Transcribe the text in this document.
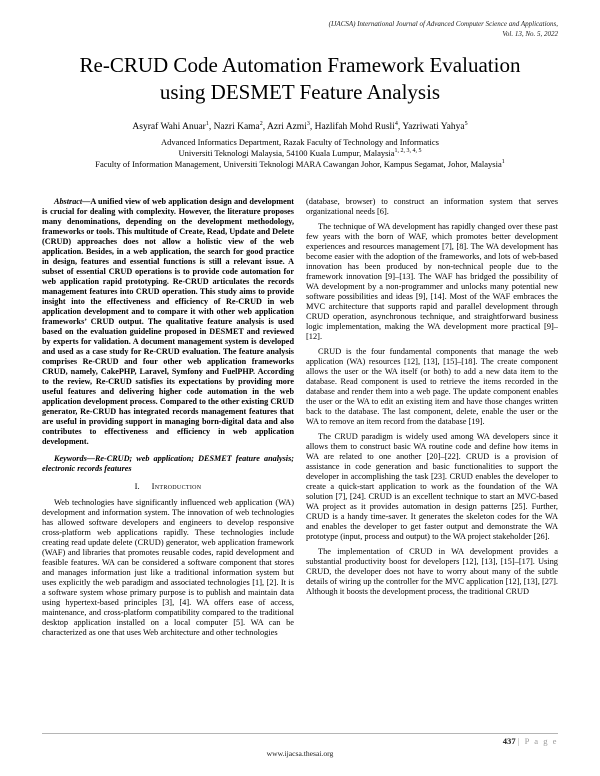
(IJACSA) International Journal of Advanced Computer Science and Applications,
Vol. 13, No. 5, 2022
Re-CRUD Code Automation Framework Evaluation using DESMET Feature Analysis
Asyraf Wahi Anuar$^1$, Nazri Kama$^2$, Azri Azmi$^3$, Hazlifah Mohd Rusli$^4$, Yazriwati Yahya$^5$
Advanced Informatics Department, Razak Faculty of Technology and Informatics
Universiti Teknologi Malaysia, 54100 Kuala Lumpur, Malaysia$^{1, 2, 3, 4, 5}$
Faculty of Information Management, Universiti Teknologi MARA Cawangan Johor, Kampus Segamat, Johor, Malaysia$^1$

Abstract—A unified view of web application design and development is crucial for dealing with complexity. However, the literature proposes many denominations, depending on the development methodology, frameworks or tools. This multitude of Create, Read, Update and Delete (CRUD) approaches does not allow a holistic view of the web application. Besides, in a web application, the search for good practice in design, features and essential functions is still a relevant issue. A subset of essential CRUD operations is to provide code automation for web application rapid prototyping. Re-CRUD articulates the records management features into CRUD operation. This study aims to provide insight into the effectiveness and efficiency of Re-CRUD in web application development and to compare it with other web application frameworks’ CRUD output. The qualitative feature analysis is used based on the evaluation guideline proposed in DESMET and reviewed by experts for validation. A document management system is developed and used as a case study for Re-CRUD evaluation. The feature analysis comprises Re-CRUD and four other web application frameworks CRUD, namely, CakePHP, Laravel, Symfony and FuelPHP. According to the review, Re-CRUD satisfies its expectations by providing more useful features and delivering higher code automation in the web application development process. Compared to the other existing CRUD generator, Re-CRUD has integrated records management features that are useful in providing support in managing born-digital data and also contributes to effectiveness and efficiency in web application development.

Keywords—Re-CRUD; web application; DESMET feature analysis; electronic records features

I. Introduction

Web technologies have significantly influenced web application (WA) development and information system. The innovation of web technologies has allowed software developers and engineers to develop responsive cross-platform web applications rapidly. These technologies include creating read update delete (CRUD) generator, web application framework (WAF) and libraries that promotes reusable codes, rapid development and feasible features. WA can be considered a software component that stores and manages information just like a traditional information system but uses explicitly the web paradigm and associated technologies [1], [2]. It is a software system whose primary purpose is to publish and maintain data using hypertext-based principles [3], [4]. WA offers ease of access, maintenance, and cross-platform compatibility compared to the traditional desktop application installed on a local computer [5]. WA can be characterized as one that uses Web architecture and other technologies

(database, browser) to construct an information system that serves organizational needs [6].

The technique of WA development has rapidly changed over these past few years with the born of WAF, which promotes better development experiences and resources management [7], [8]. The WA development has become easier with the adoption of the frameworks, and lots of web-based innovation has been produced by non-technical people due to the framework innovation [9]–[13]. The WAF has bridged the possibility of WA development by a non-programmer and unlocks many potential new software possibilities and ideas [9], [14]. Most of the WAF embraces the MVC architecture that supports rapid and parallel development through CRUD operation, asynchronous technique, and straightforward business logic implementation, making the WA development more practical [9]–[12].

CRUD is the four fundamental components that manage the web application (WA) resources [12], [13], [15]–[18]. The create component allows the user or the WA itself (or both) to add a new data item to the database. Read component is used to retrieve the items recorded in the database and render them into a web page. The update component enables the user or the WA to edit an existing item and have those changes written back to the database. The last component, delete, enable the user or the WA to remove an item record from the database [19].

The CRUD paradigm is widely used among WA developers since it allows them to construct basic WA routine code and define how items in WA are related to one another [20]–[22]. CRUD is a provision of assistance in code generation and basic functionalities to support the developer in accomplishing the task [23]. CRUD enables the developer to create a quick-start application to work as the foundation of the WA solution [7], [24]. CRUD is an excellent technique to start an MVC-based WA project as it provides automation in design patterns [25]. Further, CRUD is a handy time-saver. It generates the skeleton codes for the WA and enables the developer to get faster output and demonstrate the WA prototype (input, process and output) to the WA project stakeholder [26].

The implementation of CRUD in WA development provides a substantial productivity boost for developers [12], [13], [15]–[17]. Using CRUD, the developer does not have to worry about many of the subtle details of wiring up the controller for the MVC application [12], [13], [27]. Although it boosts the development process, the traditional CRUD

437 | P a g e
www.ijacsa.thesai.org
